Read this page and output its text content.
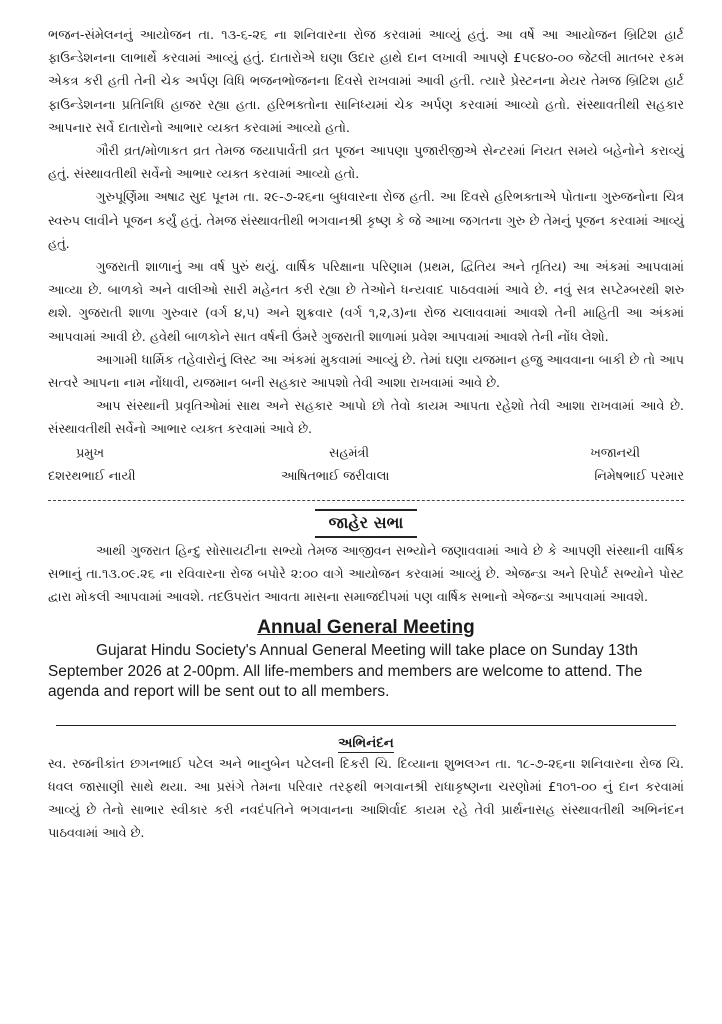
ભજન-સંમેલનનું આયોજન તા. ૧૩-૬-૨૬ ના શનિવારના રોજ કરવામાં આવ્યું હતું. આ વર્ષે આ આયોજન બ્રિટિશ હાર્ટ ફાઉન્ડેશનના લાભાર્થે કરવામાં આવ્યું હતું. દાતારોએ ઘણા ઉદાર હાથે દાન લખાવી આપણે £૫૯૪૦-૦૦ જેટલી માતબર રકમ એકત્ર કરી હતી તેની ચેક અર્પણ વિધિ ભજનભોજનના દિવસે રાખવામાં આવી હતી. ત્યારે પ્રેસ્ટનના મેયર તેમજ બ્રિટિશ હાર્ટ ફાઉન્ડેશનના પ્રતિનિધિ હાજર રહ્યા હતા. હરિભક્તોના સાનિધ્યમાં ચેક અર્પણ કરવામાં આવ્યો હતો. સંસ્થાવતીથી સહકાર આપનાર સર્વે દાતારોનો આભાર વ્યક્ત કરવામાં આવ્યો હતો.

ગૌરી વ્રત/મોળાકત વ્રત તેમજ જયાપાર્વતી વ્રત પૂજન આપણા પુજારીજીએ સેન્ટરમાં નિયત સમયે બહેનોને કરાવ્યું હતું. સંસ્થાવતીથી સર્વેનો આભાર વ્યક્ત કરવામાં આવ્યો હતો.

ગુરુપૂર્ણિમા અષાઢ સુદ પૂનમ તા. ૨૯-૭-૨૬ના બુધવારના રોજ હતી. આ દિવસે હરિભક્તાએ પોતાના ગુરુજનોના ચિત્ર સ્વરુપ લાવીને પૂજન કર્યું હતું. તેમજ સંસ્થાવતીથી ભગવાનશ્રી કૃષ્ણ કે જે આખા જગતના ગુરુ છે તેમનું પૂજન કરવામાં આવ્યું હતું.

ગુજરાતી શાળાનું આ વર્ષ પુરું થયું. વાર્ષિક પરિક્ષાના પરિણામ (પ્રથમ, દ્વિતિય અને તૃતિય) આ અંકમાં આપવામાં આવ્યા છે. બાળકો અને વાલીઓ સારી મહેનત કરી રહ્યા છે તેઓને ધન્યવાદ પાઠવવામાં આવે છે. નવું સત્ર સપ્ટેમ્બરથી શરુ થશે. ગુજરાતી શાળા ગુરુવાર (વર્ગ ૪,૫) અને શુક્રવાર (વર્ગ ૧,૨,૩)ના રોજ ચલાવવામાં આવશે તેની માહિતી આ અંકમાં આપવામાં આવી છે. હવેથી બાળકોને સાત વર્ષની ઉંમરે ગુજરાતી શાળામાં પ્રવેશ આપવામાં આવશે તેની નોંધ લેશો.

આગામી ધાર્મિક તહેવારોનું લિસ્ટ આ અંકમાં મુકવામાં આવ્યું છે. તેમાં ઘણા યજમાન હજુ આવવાના બાકી છે તો આપ સત્વરે આપના નામ નોંધાવી, યજમાન બની સહકાર આપશો તેવી આશા રાખવામાં આવે છે.

આપ સંસ્થાની પ્રવૃતિઓમાં સાથ અને સહકાર આપો છો તેવો કાયમ આપતા રહેશો તેવી આશા રાખવામાં આવે છે. સંસ્થાવતીથી સર્વેનો આભાર વ્યક્ત કરવામાં આવે છે.

પ્રમુખ	સહમંત્રી	ખજાનચી
દશરથભાઈ નાયી	આષિતભાઈ જરીવાલા	નિમેષભાઈ પરમાર
જાહેર સભા

આથી ગુજરાત હિન્દુ સોસાયટીના સભ્યો તેમજ આજીવન સભ્યોને જણાવવામાં આવે છે કે આપણી સંસ્થાની વાર્ષિક સભાનું તા.૧૩.૦૯.૨૬ ના રવિવારના રોજ બપોરે ૨:૦૦ વાગે આયોજન કરવામાં આવ્યું છે. એજન્ડા અને રિપોર્ટ સભ્યોને પોસ્ટ દ્વારા મોકલી આપવામાં આવશે. તદઉપરાંત આવતા માસના સમાજદીપમાં પણ વાર્ષિક સભાનો એજન્ડા આપવામાં આવશે.

Annual General Meeting

Gujarat Hindu Society's Annual General Meeting will take place on Sunday 13th September 2026 at 2-00pm. All life-members and members are welcome to attend. The agenda and report will be sent out to all members.

અભિનંદન

સ્વ. રજનીકાંત છગનભાઈ પટેલ અને ભાનુબેન પટેલની દિકરી ચિ. દિવ્યાના શુભલગ્ન તા. ૧૮-૭-૨૬ના શનિવારના રોજ ચિ. ધવલ જાસાણી સાથે થયા. આ પ્રસંગે તેમના પરિવાર તરફથી ભગવાનશ્રી રાધાકૃષ્ણના ચરણોમાં £૧૦૧-૦૦ નું દાન કરવામાં આવ્યું છે તેનો સાભાર સ્વીકાર કરી નવદંપતિને ભગવાનના આશિર્વાદ કાયમ રહે તેવી પ્રાર્થનાસહ સંસ્થાવતીથી અભિનંદન પાઠવવામાં આવે છે.
